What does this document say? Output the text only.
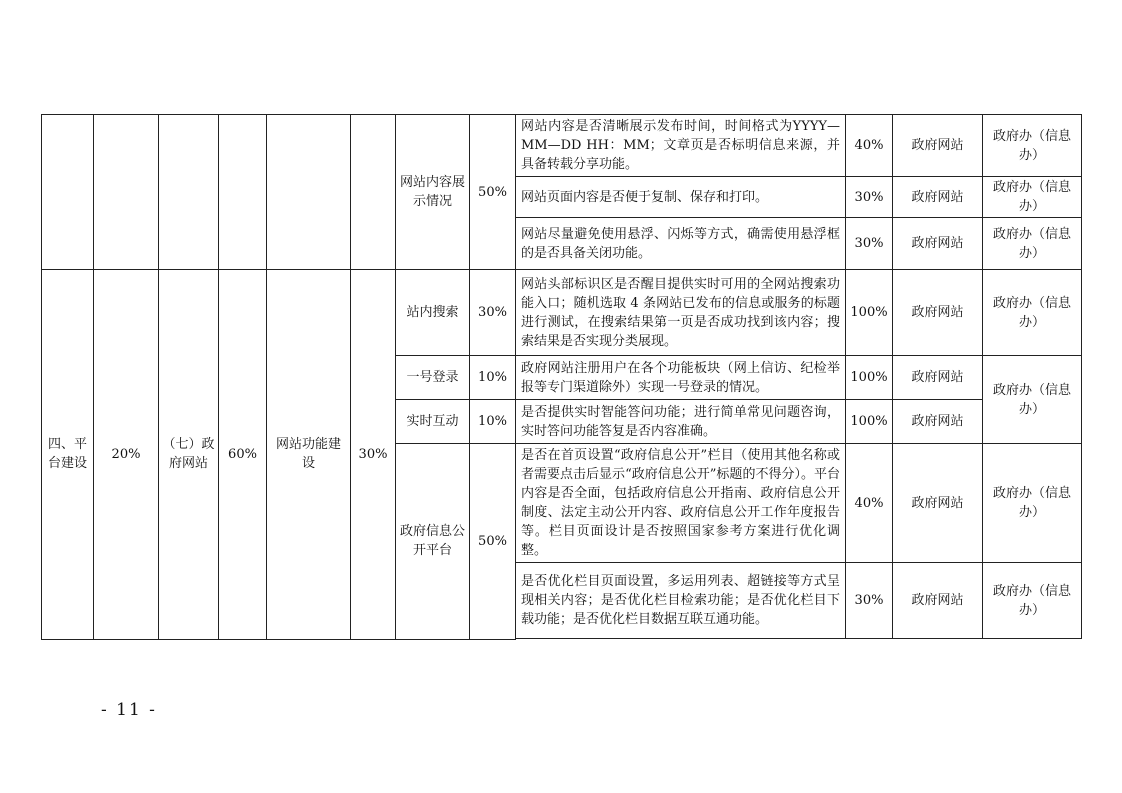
						网站内容展示情况	50%	网站内容是否清晰展示发布时间，时间格式为YYYY—MM—DD HH：MM；文章页是否标明信息来源，并具备转载分享功能。	40%	政府网站	政府办（信息办）
								网站页面内容是否便于复制、保存和打印。	30%	政府网站	政府办（信息办）
								网站尽量避免使用悬浮、闪烁等方式，确需使用悬浮框的是否具备关闭功能。	30%	政府网站	政府办（信息办）
四、平台建设	20%	（七）政府网站	60%	网站功能建设	30%	站内搜索	30%	网站头部标识区是否醒目提供实时可用的全网站搜索功能入口；随机选取 4 条网站已发布的信息或服务的标题进行测试，在搜索结果第一页是否成功找到该内容；搜索结果是否实现分类展现。	100%	政府网站	政府办（信息办）
						一号登录	10%	政府网站注册用户在各个功能板块（网上信访、纪检举报等专门渠道除外）实现一号登录的情况。	100%	政府网站	政府办（信息办）
						实时互动	10%	是否提供实时智能答问功能；进行简单常见问题咨询，实时答问功能答复是否内容准确。	100%	政府网站	
						政府信息公开平台	50%	是否在首页设置“政府信息公开”栏目（使用其他名称或者需要点击后显示“政府信息公开”标题的不得分）。平台内容是否全面，包括政府信息公开指南、政府信息公开制度、法定主动公开内容、政府信息公开工作年度报告等。栏目页面设计是否按照国家参考方案进行优化调整。	40%	政府网站	政府办（信息办）
								是否优化栏目页面设置，多运用列表、超链接等方式呈现相关内容；是否优化栏目检索功能；是否优化栏目下载功能；是否优化栏目数据互联互通功能。	30%	政府网站	政府办（信息办）

- 11 -
